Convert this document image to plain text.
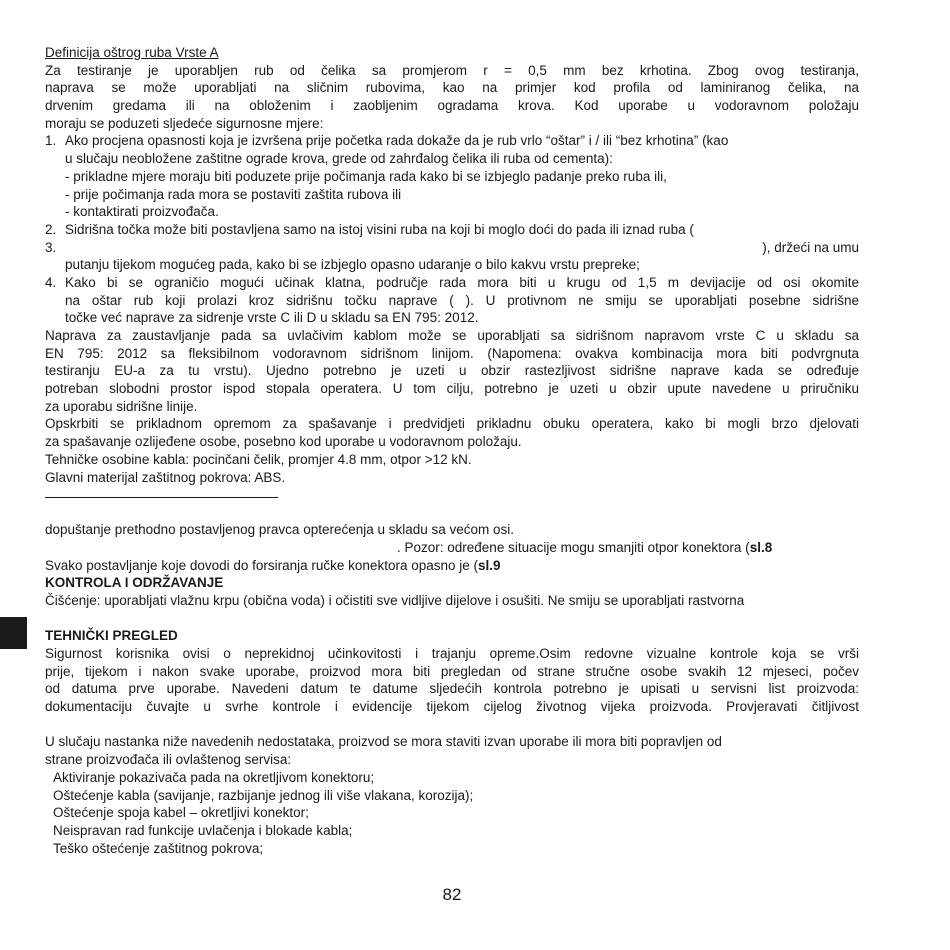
Definicija oštrog ruba Vrste A
Za testiranje je uporabljen rub od čelika sa promjerom r = 0,5 mm bez krhotina. Zbog ovog testiranja,
naprava se može uporabljati na sličnim rubovima, kao na primjer kod profila od laminiranog čelika, na
drvenim gredama ili na obloženim i zaobljenim ogradama krova. Kod uporabe u vodoravnom položaju
moraju se poduzeti sljedeće sigurnosne mjere:
1. Ako procjena opasnosti koja je izvršena prije početka rada dokaže da je rub vrlo “oštar” i / ili “bez krhotina” (kao
u slučaju neobložene zaštitne ograde krova, grede od zahrđalog čelika ili ruba od cementa):
- prikladne mjere moraju biti poduzete prije počimanja rada kako bi se izbjeglo padanje preko ruba ili,
- prije počimanja rada mora se postaviti zaštita rubova ili
- kontaktirati proizvođača.
2. Sidrišna točka može biti postavljena samo na istoj visini ruba na koji bi moglo doći do pada ili iznad ruba (
3.	), držeći na umu
putanju tijekom mogućeg pada, kako bi se izbjeglo opasno udaranje o bilo kakvu vrstu prepreke;
4. Kako bi se ograničio mogući učinak klatna, područje rada mora biti u krugu od 1,5 m devijacije od osi okomite
na oštar rub koji prolazi kroz sidrišnu točku naprave ( ). U protivnom ne smiju se uporabljati posebne sidrišne
točke već naprave za sidrenje vrste C ili D u skladu sa EN 795: 2012.
Naprava za zaustavljanje pada sa uvlačivim kablom može se uporabljati sa sidrišnom napravom vrste C u skladu sa
EN 795: 2012 sa fleksibilnom vodoravnom sidrišnom linijom. (Napomena: ovakva kombinacija mora biti podvrgnuta
testiranju EU-a za tu vrstu). Ujedno potrebno je uzeti u obzir rastezljivost sidrišne naprave kada se određuje
potreban slobodni prostor ispod stopala operatera. U tom cilju, potrebno je uzeti u obzir upute navedene u priručniku
za uporabu sidrišne linije.
Opskrbiti se prikladnom opremom za spašavanje i predvidjeti prikladnu obuku operatera, kako bi mogli brzo djelovati
za spašavanje ozlijeđene osobe, posebno kod uporabe u vodoravnom položaju.
Tehničke osobine kabla: pocinčani čelik, promjer 4.8 mm, otpor >12 kN.
Glavni materijal zaštitnog pokrova: ABS.
dopuštanje prethodno postavljenog pravca opterećenja u skladu sa većom osi.
. Pozor: određene situacije mogu smanjiti otpor konektora (sl.8
Svako postavljanje koje dovodi do forsiranja ručke konektora opasno je (sl.9
KONTROLA I ODRŽAVANJE
Čišćenje: uporabljati vlažnu krpu (obična voda) i očistiti sve vidljive dijelove i osušiti. Ne smiju se uporabljati rastvorna
TEHNIČKI PREGLED
Sigurnost korisnika ovisi o neprekidnoj učinkovitosti i trajanju opreme.Osim redovne vizualne kontrole koja se vrši
prije, tijekom i nakon svake uporabe, proizvod mora biti pregledan od strane stručne osobe svakih 12 mjeseci, počev
od datuma prve uporabe. Navedeni datum te datume sljedećih kontrola potrebno je upisati u servisni list proizvoda:
dokumentaciju čuvajte u svrhe kontrole i evidencije tijekom cijelog životnog vijeka proizvoda. Provjeravati čitljivost
U slučaju nastanka niže navedenih nedostataka, proizvod se mora staviti izvan uporabe ili mora biti popravljen od
strane proizvođača ili ovlaštenog servisa:
Aktiviranje pokazivača pada na okretljivom konektoru;
Oštećenje kabla (savijanje, razbijanje jednog ili više vlakana, korozija);
Oštećenje spoja kabel – okretljivi konektor;
Neispravan rad funkcije uvlačenja i blokade kabla;
Teško oštećenje zaštitnog pokrova;
82
